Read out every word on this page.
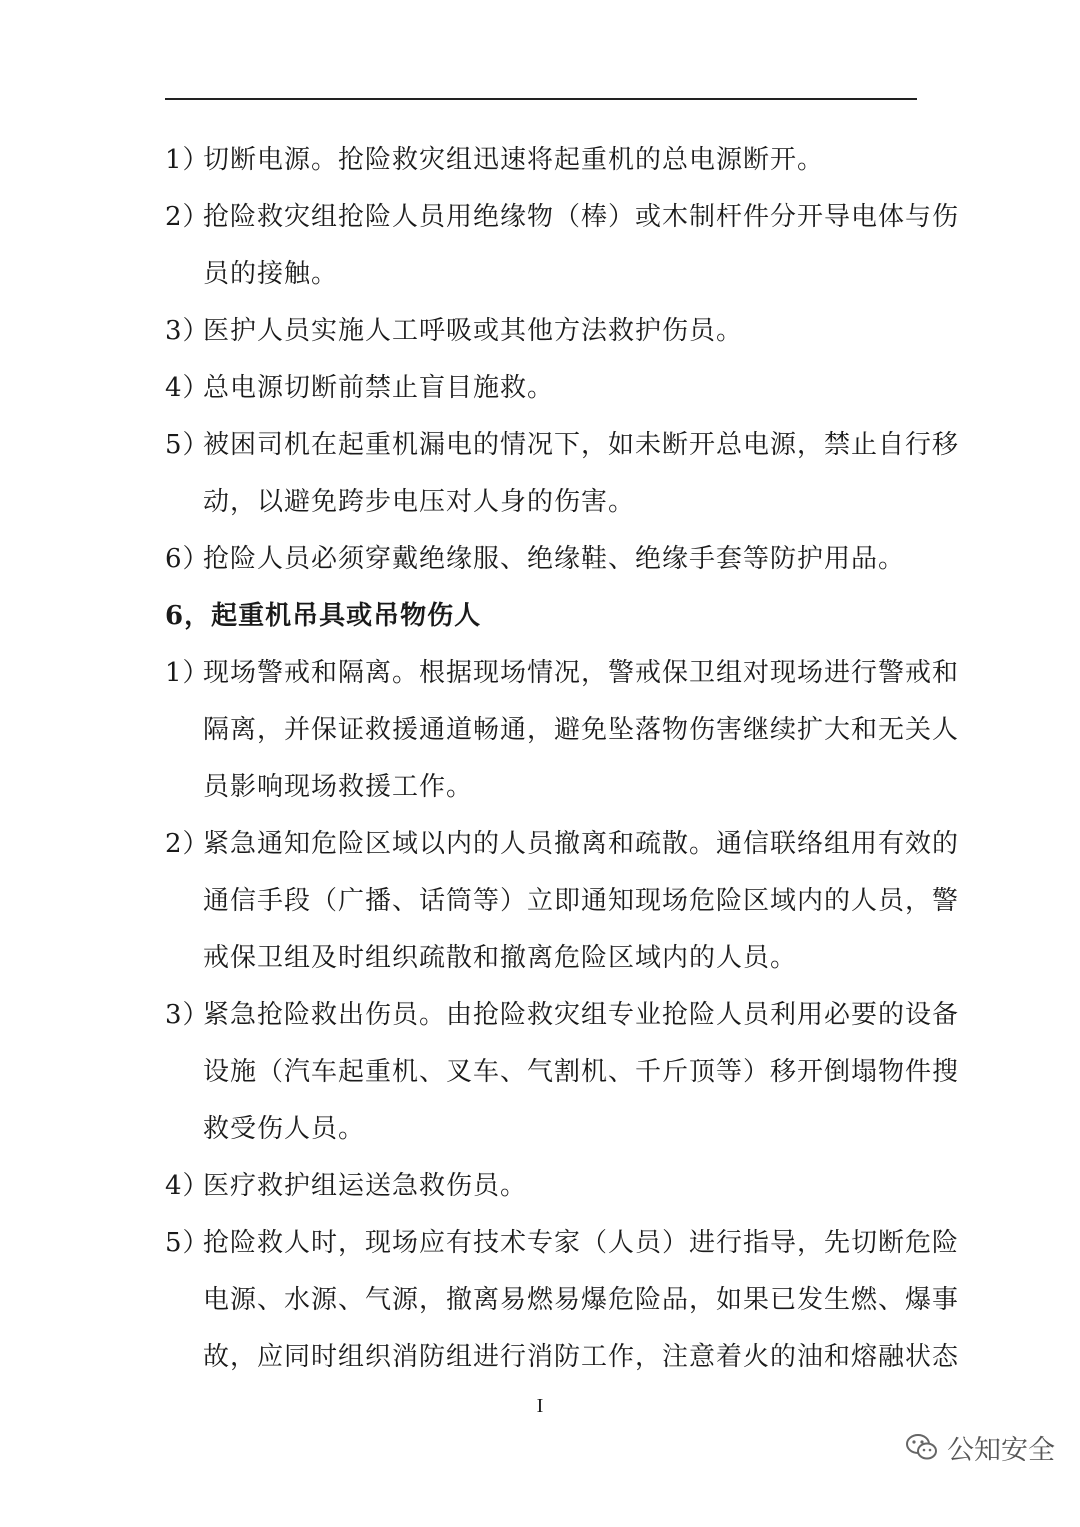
1）
切断电源。抢险救灾组迅速将起重机的总电源断开。
2）
抢险救灾组抢险人员用绝缘物（棒）或木制杆件分开导电体与伤
员的接触。
3）
医护人员实施人工呼吸或其他方法救护伤员。
4）
总电源切断前禁止盲目施救。
5）
被困司机在起重机漏电的情况下，如未断开总电源，禁止自行移
动，以避免跨步电压对人身的伤害。
6）
抢险人员必须穿戴绝缘服、绝缘鞋、绝缘手套等防护用品。
6，起重机吊具或吊物伤人
1）
现场警戒和隔离。根据现场情况，警戒保卫组对现场进行警戒和
隔离，并保证救援通道畅通，避免坠落物伤害继续扩大和无关人
员影响现场救援工作。
2）
紧急通知危险区域以内的人员撤离和疏散。通信联络组用有效的
通信手段（广播、话筒等）立即通知现场危险区域内的人员，警
戒保卫组及时组织疏散和撤离危险区域内的人员。
3）
紧急抢险救出伤员。由抢险救灾组专业抢险人员利用必要的设备
设施（汽车起重机、叉车、气割机、千斤顶等）移开倒塌物件搜
救受伤人员。
4）
医疗救护组运送急救伤员。
5）
抢险救人时，现场应有技术专家（人员）进行指导，先切断危险
电源、水源、气源，撤离易燃易爆危险品，如果已发生燃、爆事
故，应同时组织消防组进行消防工作，注意着火的油和熔融状态
I
公知安全
